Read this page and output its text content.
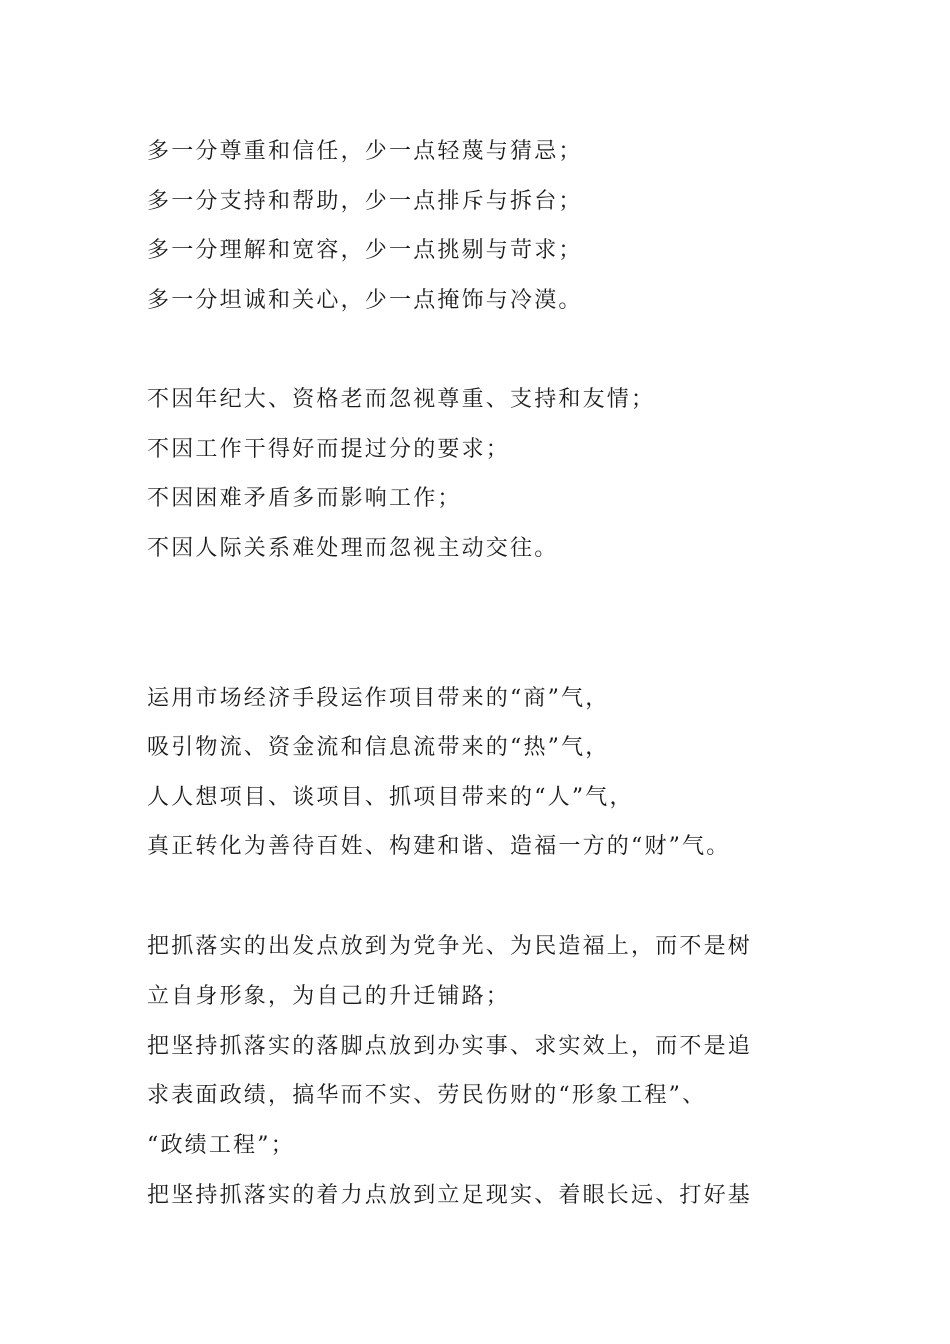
多一分尊重和信任，少一点轻蔑与猜忌；
多一分支持和帮助，少一点排斥与拆台；
多一分理解和宽容，少一点挑剔与苛求；
多一分坦诚和关心，少一点掩饰与冷漠。
不因年纪大、资格老而忽视尊重、支持和友情；
不因工作干得好而提过分的要求；
不因困难矛盾多而影响工作；
不因人际关系难处理而忽视主动交往。
运用市场经济手段运作项目带来的“商”气，
吸引物流、资金流和信息流带来的“热”气，
人人想项目、谈项目、抓项目带来的“人”气，
真正转化为善待百姓、构建和谐、造福一方的“财”气。
把抓落实的出发点放到为党争光、为民造福上，而不是树
立自身形象，为自己的升迁铺路；
把坚持抓落实的落脚点放到办实事、求实效上，而不是追
求表面政绩，搞华而不实、劳民伤财的“形象工程”、
“政绩工程”；
把坚持抓落实的着力点放到立足现实、着眼长远、打好基
